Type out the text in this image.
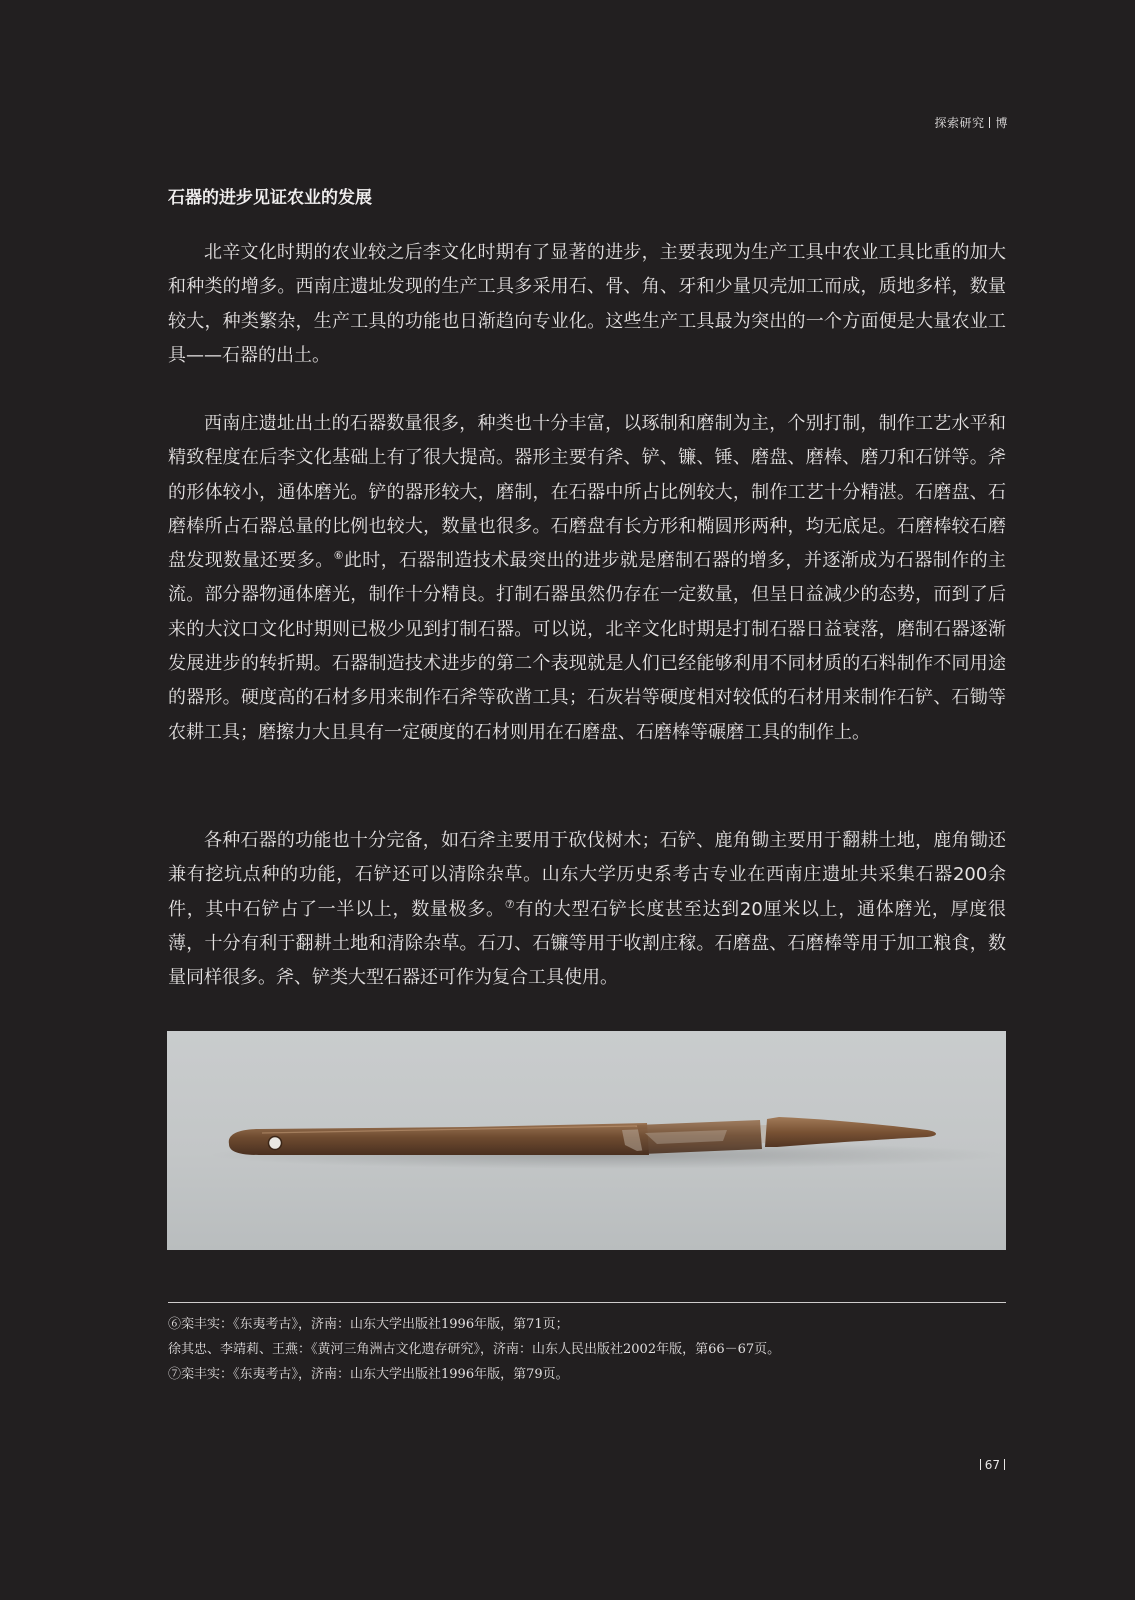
探索研究 博
石器的进步见证农业的发展

北辛文化时期的农业较之后李文化时期有了显著的进步，主要表现为生产工具中农业工具比重的加大和种类的增多。西南庄遗址发现的生产工具多采用石、骨、角、牙和少量贝壳加工而成，质地多样，数量较大，种类繁杂，生产工具的功能也日渐趋向专业化。这些生产工具最为突出的一个方面便是大量农业工具——石器的出土。

西南庄遗址出土的石器数量很多，种类也十分丰富，以琢制和磨制为主，个别打制，制作工艺水平和精致程度在后李文化基础上有了很大提高。器形主要有斧、铲、镰、锤、磨盘、磨棒、磨刀和石饼等。斧的形体较小，通体磨光。铲的器形较大，磨制，在石器中所占比例较大，制作工艺十分精湛。石磨盘、石磨棒所占石器总量的比例也较大，数量也很多。石磨盘有长方形和椭圆形两种，均无底足。石磨棒较石磨盘发现数量还要多。⑥此时，石器制造技术最突出的进步就是磨制石器的增多，并逐渐成为石器制作的主流。部分器物通体磨光，制作十分精良。打制石器虽然仍存在一定数量，但呈日益减少的态势，而到了后来的大汶口文化时期则已极少见到打制石器。可以说，北辛文化时期是打制石器日益衰落，磨制石器逐渐发展进步的转折期。石器制造技术进步的第二个表现就是人们已经能够利用不同材质的石料制作不同用途的器形。硬度高的石材多用来制作石斧等砍凿工具；石灰岩等硬度相对较低的石材用来制作石铲、石锄等农耕工具；磨擦力大且具有一定硬度的石材则用在石磨盘、石磨棒等碾磨工具的制作上。

各种石器的功能也十分完备，如石斧主要用于砍伐树木；石铲、鹿角锄主要用于翻耕土地，鹿角锄还兼有挖坑点种的功能，石铲还可以清除杂草。山东大学历史系考古专业在西南庄遗址共采集石器200余件，其中石铲占了一半以上，数量极多。⑦有的大型石铲长度甚至达到20厘米以上，通体磨光，厚度很薄，十分有利于翻耕土地和清除杂草。石刀、石镰等用于收割庄稼。石磨盘、石磨棒等用于加工粮食，数量同样很多。斧、铲类大型石器还可作为复合工具使用。

⑥栾丰实：《东夷考古》，济南：山东大学出版社1996年版，第71页；
徐其忠、李靖莉、王燕：《黄河三角洲古文化遗存研究》，济南：山东人民出版社2002年版，第66－67页。
⑦栾丰实：《东夷考古》，济南：山东大学出版社1996年版，第79页。
67
